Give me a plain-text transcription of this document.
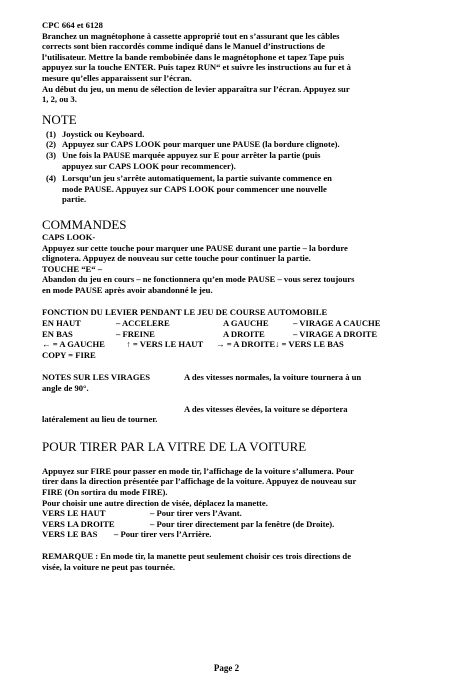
CPC 664 et 6128
Branchez un magnétophone à cassette approprié tout en s’assurant que les câbles
corrects sont bien raccordés comme indiqué dans le Manuel d’instructions de
l’utilisateur. Mettre la bande rembobinée dans le magnétophone et tapez Tape puis
appuyez sur la touche ENTER. Puis tapez RUN“ et suivre les instructions au fur et à
mesure qu’elles apparaissent sur l’écran.
Au début du jeu, un menu de sélection de levier apparaîtra sur l’écran. Appuyez sur
1, 2, ou 3.
NOTE
(1) Joystick ou Keyboard.
(2) Appuyez sur CAPS LOOK pour marquer une PAUSE (la bordure clignote).
(3) Une fois la PAUSE marquée appuyez sur E pour arrêter la partie (puis
appuyez sur CAPS LOOK pour recommencer).
(4) Lorsqu’un jeu s’arrête automatiquement, la partie suivante commence en
mode PAUSE. Appuyez sur CAPS LOOK pour commencer une nouvelle
partie.
COMMANDES
CAPS LOOK-
Appuyez sur cette touche pour marquer une PAUSE durant une partie – la bordure
clignotera. Appuyez de nouveau sur cette touche pour continuer la partie.
TOUCHE “E“ –
Abandon du jeu en cours – ne fonctionnera qu’en mode PAUSE – vous serez toujours
en mode PAUSE après avoir abandonné le jeu.
FONCTION DU LEVIER PENDANT LE JEU DE COURSE AUTOMOBILE
EN HAUT	– ACCELERE	A GAUCHE	– VIRAGE A CAUCHE
EN BAS	– FREINE	A DROITE	– VIRAGE A DROITE
← = A GAUCHE          ↑ = VERS LE HAUT      → = A DROITE↓ = VERS LE BAS
COPY = FIRE
NOTES SUR LES VIRAGES	A des vitesses normales, la voiture tournera à un
angle de 90°.
A des vitesses élevées, la voiture se déportera
latéralement au lieu de tourner.
POUR TIRER PAR LA VITRE DE LA VOITURE
Appuyez sur FIRE pour passer en mode tir, l’affichage de la voiture s’allumera. Pour
tirer dans la direction présentée par l’affichage de la voiture. Appuyez de nouveau sur
FIRE (On sortira du mode FIRE).
Pour choisir une autre direction de visée, déplacez la manette.
VERS LE HAUT	– Pour tirer vers l’Avant.
VERS LA DROITE	– Pour tirer directement par la fenêtre (de Droite).
VERS LE BAS – Pour tirer vers l’Arrière.
REMARQUE : En mode tir, la manette peut seulement choisir ces trois directions de
visée, la voiture ne peut pas tournée.
Page 2
